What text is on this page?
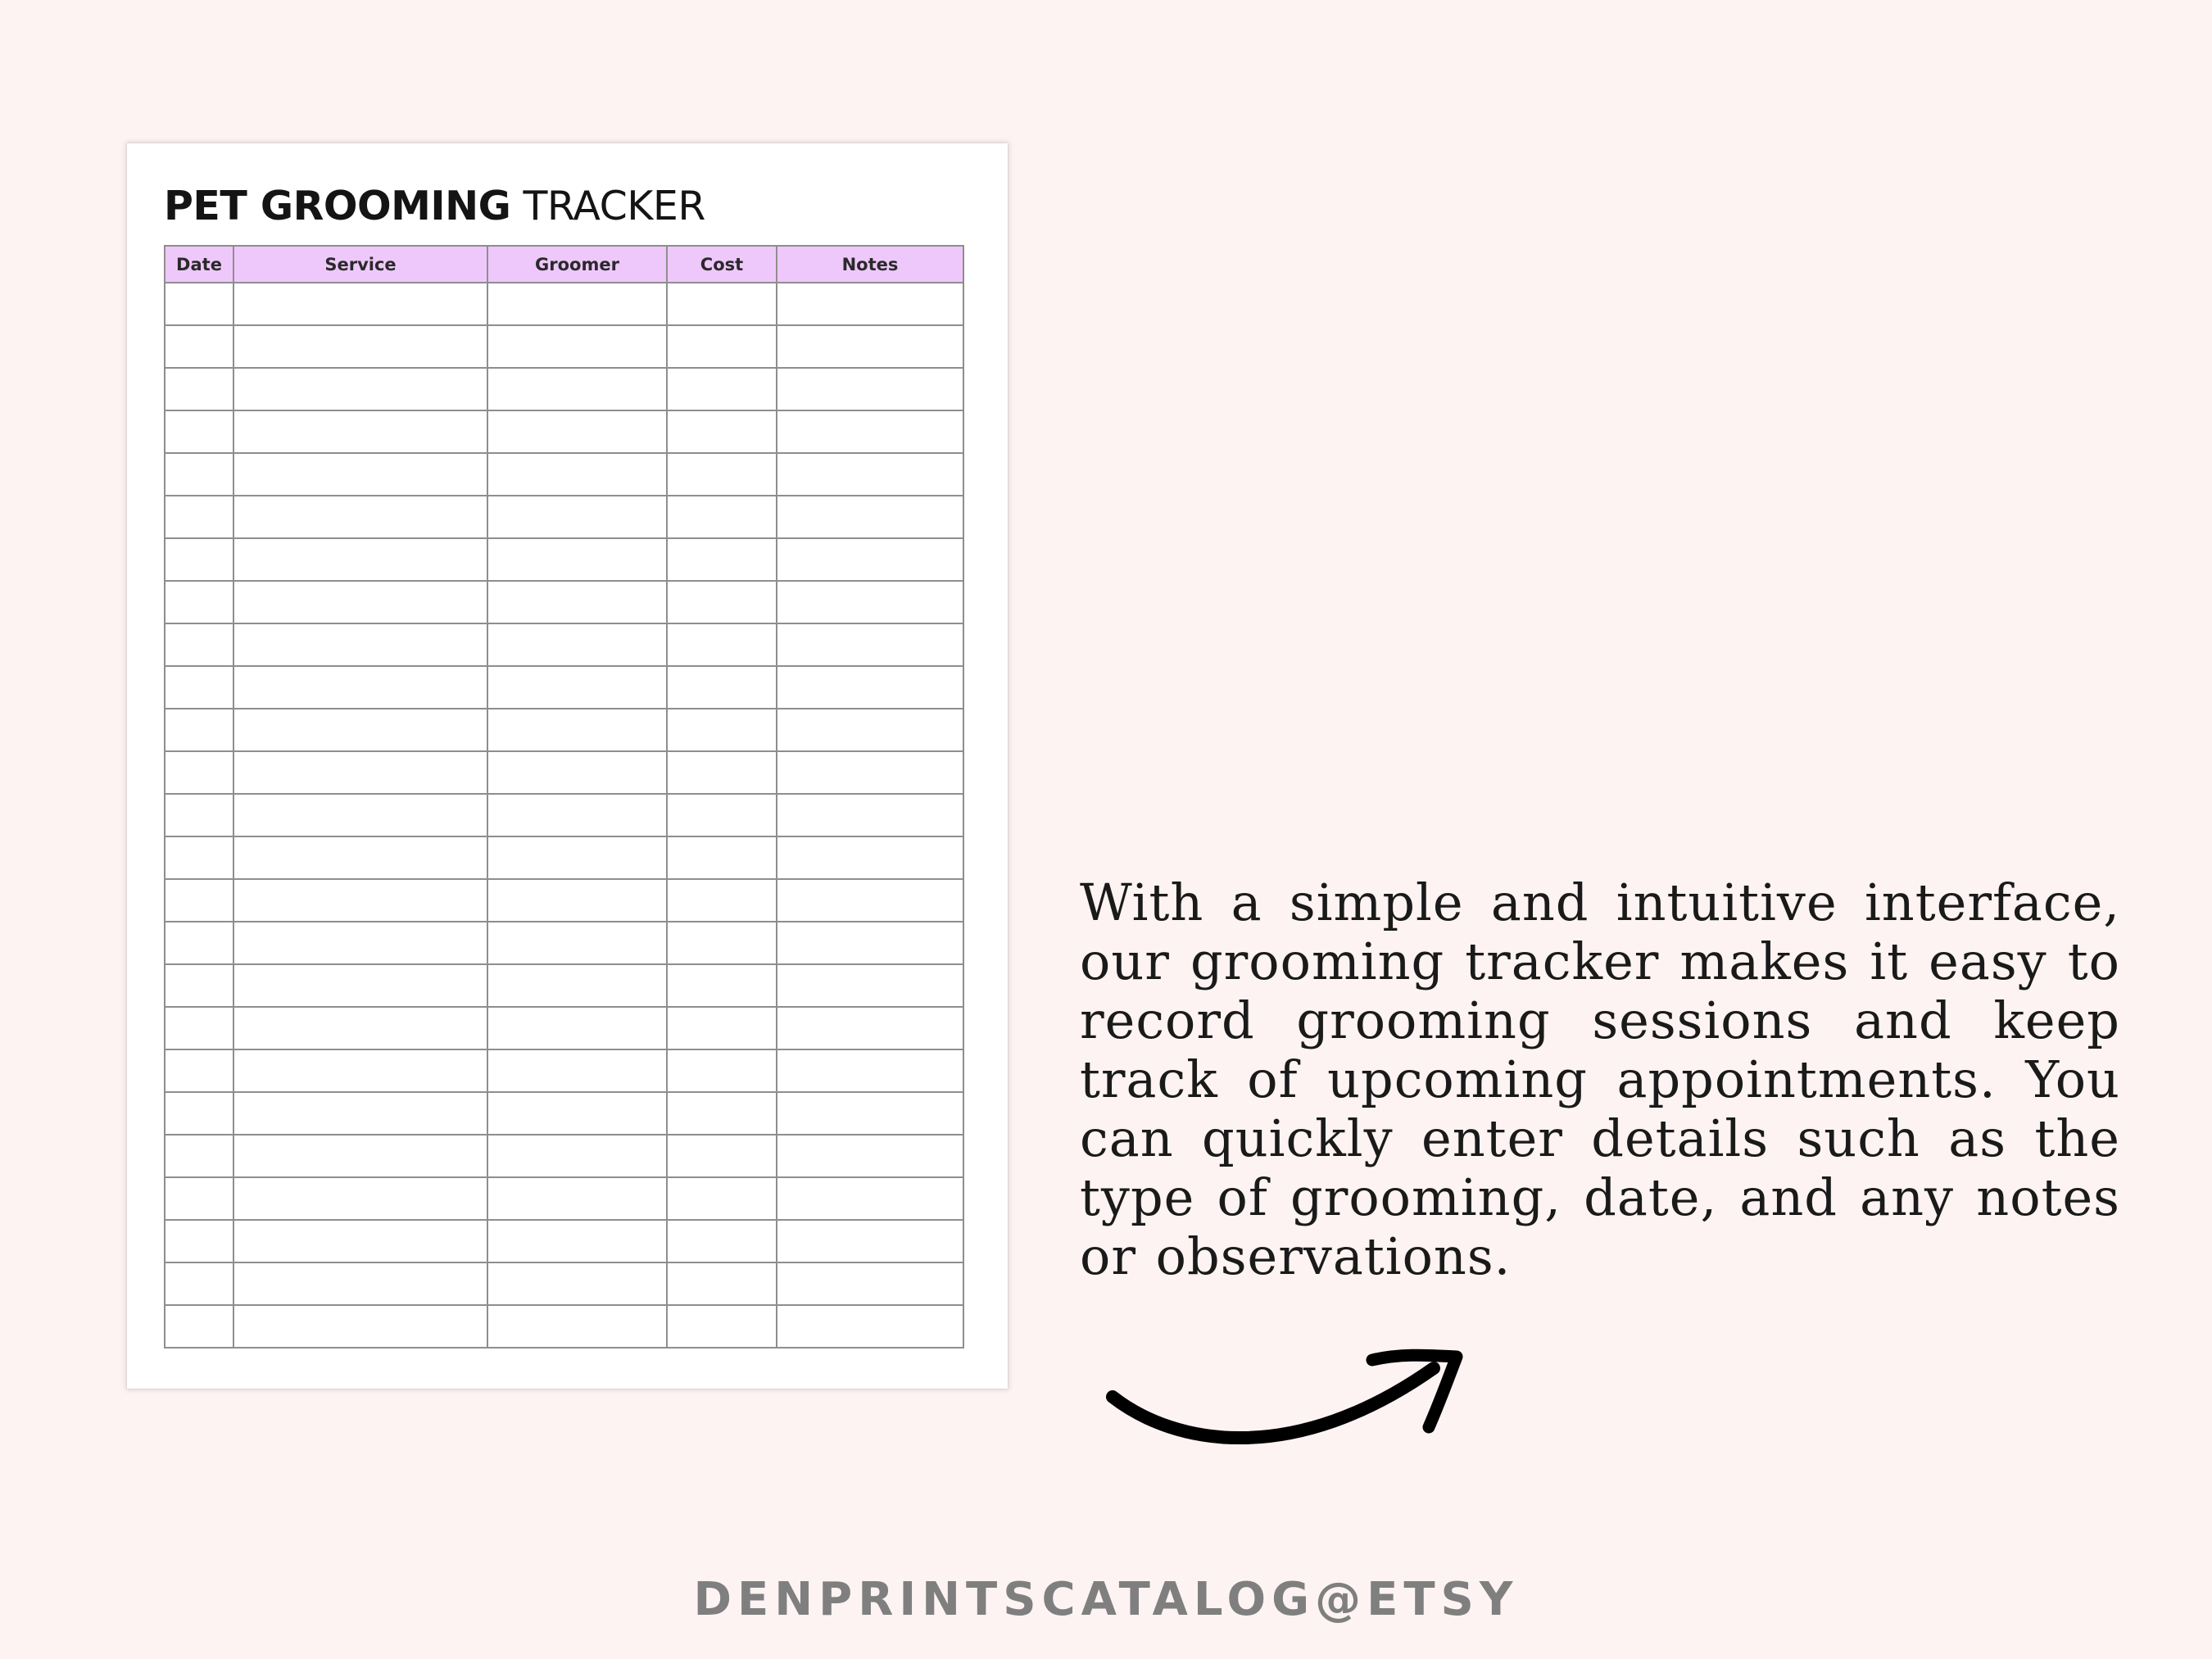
PET GROOMING TRACKER
Date	Service	Groomer	Cost	Notes

With a simple and intuitive interface, our grooming tracker makes it easy to record grooming sessions and keep track of upcoming appointments. You can quickly enter details such as the type of grooming, date, and any notes or observations.
DENPRINTSCATALOG@ETSY
